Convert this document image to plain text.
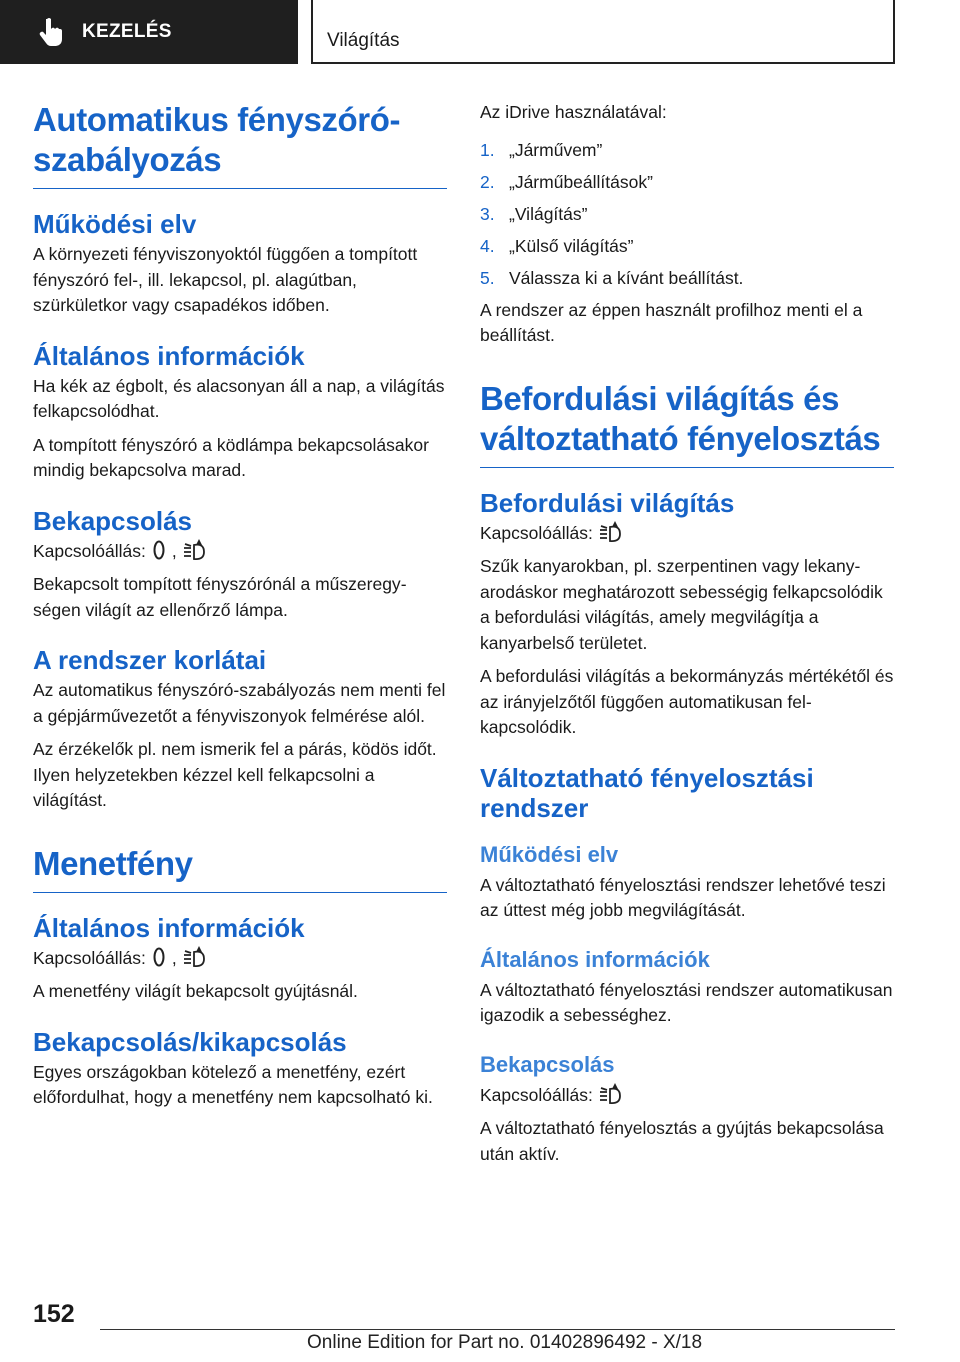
KEZELÉS	Világítás
Automatikus fényszóró-szabályozás
Működési elv

A környezeti fényviszonyoktól függően a tompított fényszóró fel-, ill. lekapcsol, pl. alagútban, szürkületkor vagy csapadékos időben.

Általános információk

Ha kék az égbolt, és alacsonyan áll a nap, a világítás felkapcsolódhat.

A tompított fényszóró a ködlámpa bekapcsolásakor mindig bekapcsolva marad.

Bekapcsolás

Kapcsolóállás: ,

Bekapcsolt tompított fényszórónál a műszeregységen világít az ellenőrző lámpa.

A rendszer korlátai

Az automatikus fényszóró-szabályozás nem menti fel a gépjárművezetőt a fényviszonyok felmérése alól.

Az érzékelők pl. nem ismerik fel a párás, ködös időt. Ilyen helyzetekben kézzel kell felkapcsolni a világítást.

Menetfény
Általános információk

Kapcsolóállás: ,

A menetfény világít bekapcsolt gyújtásnál.

Bekapcsolás/kikapcsolás

Egyes országokban kötelező a menetfény, ezért előfordulhat, hogy a menetfény nem kapcsolható ki.

Az iDrive használatával:

1. „Járművem”
2. „Járműbeállítások”
3. „Világítás”
4. „Külső világítás”
5. Válassza ki a kívánt beállítást.

A rendszer az éppen használt profilhoz menti el a beállítást.

Befordulási világítás és változtatható fényelosztás
Befordulási világítás

Kapcsolóállás:

Szűk kanyarokban, pl. szerpentinen vagy lekanyarodáskor meghatározott sebességig felkapcsolódik a befordulási világítás, amely megvilágítja a kanyarbelső területet.

A befordulási világítás a bekormányzás mértékétől és az irányjelzőtől függően automatikusan felkapcsolódik.

Változtatható fényelosztási rendszer
Működési elv

A változtatható fényelosztási rendszer lehetővé teszi az úttest még jobb megvilágítását.

Általános információk

A változtatható fényelosztási rendszer automatikusan igazodik a sebességhez.

Bekapcsolás

Kapcsolóállás:

A változtatható fényelosztás a gyújtás bekapcsolása után aktív.

152
Online Edition for Part no. 01402896492 - X/18
